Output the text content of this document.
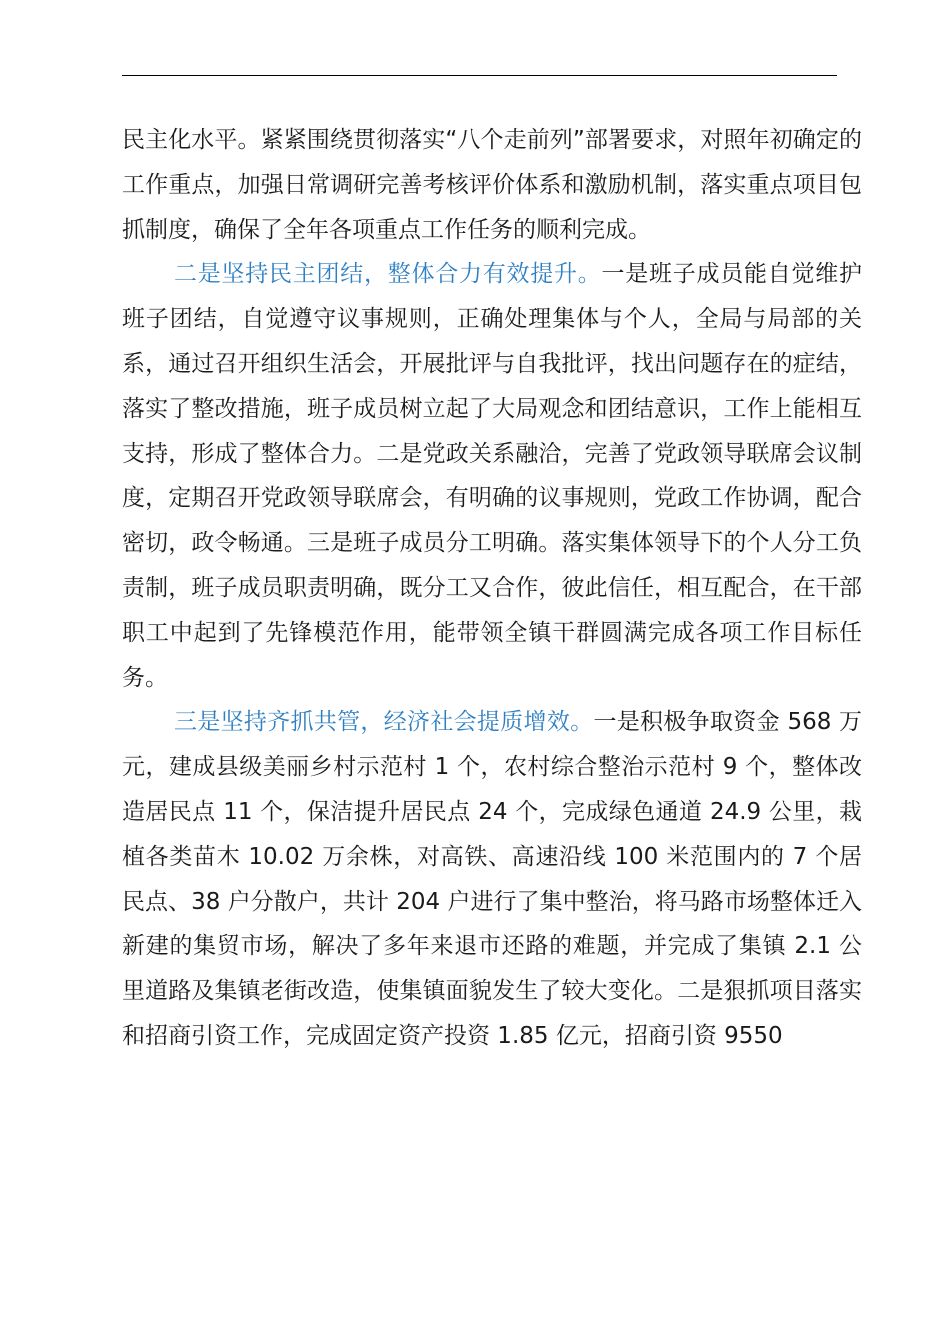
民主化水平。紧紧围绕贯彻落实“八个走前列”部署要求，对照年初确定的工作重点，加强日常调研完善考核评价体系和激励机制，落实重点项目包抓制度，确保了全年各项重点工作任务的顺利完成。

二是坚持民主团结，整体合力有效提升。一是班子成员能自觉维护班子团结，自觉遵守议事规则，正确处理集体与个人，全局与局部的关系，通过召开组织生活会，开展批评与自我批评，找出问题存在的症结，落实了整改措施，班子成员树立起了大局观念和团结意识，工作上能相互支持，形成了整体合力。二是党政关系融洽，完善了党政领导联席会议制度，定期召开党政领导联席会，有明确的议事规则，党政工作协调，配合密切，政令畅通。三是班子成员分工明确。落实集体领导下的个人分工负责制，班子成员职责明确，既分工又合作，彼此信任，相互配合，在干部职工中起到了先锋模范作用，能带领全镇干群圆满完成各项工作目标任务。

三是坚持齐抓共管，经济社会提质增效。一是积极争取资金 568 万元，建成县级美丽乡村示范村 1 个，农村综合整治示范村 9 个，整体改造居民点 11 个，保洁提升居民点 24 个，完成绿色通道 24.9 公里，栽植各类苗木 10.02 万余株，对高铁、高速沿线 100 米范围内的 7 个居民点、38 户分散户，共计 204 户进行了集中整治，将马路市场整体迁入新建的集贸市场，解决了多年来退市还路的难题，并完成了集镇 2.1 公里道路及集镇老街改造，使集镇面貌发生了较大变化。二是狠抓项目落实和招商引资工作，完成固定资产投资 1.85 亿元，招商引资 9550
